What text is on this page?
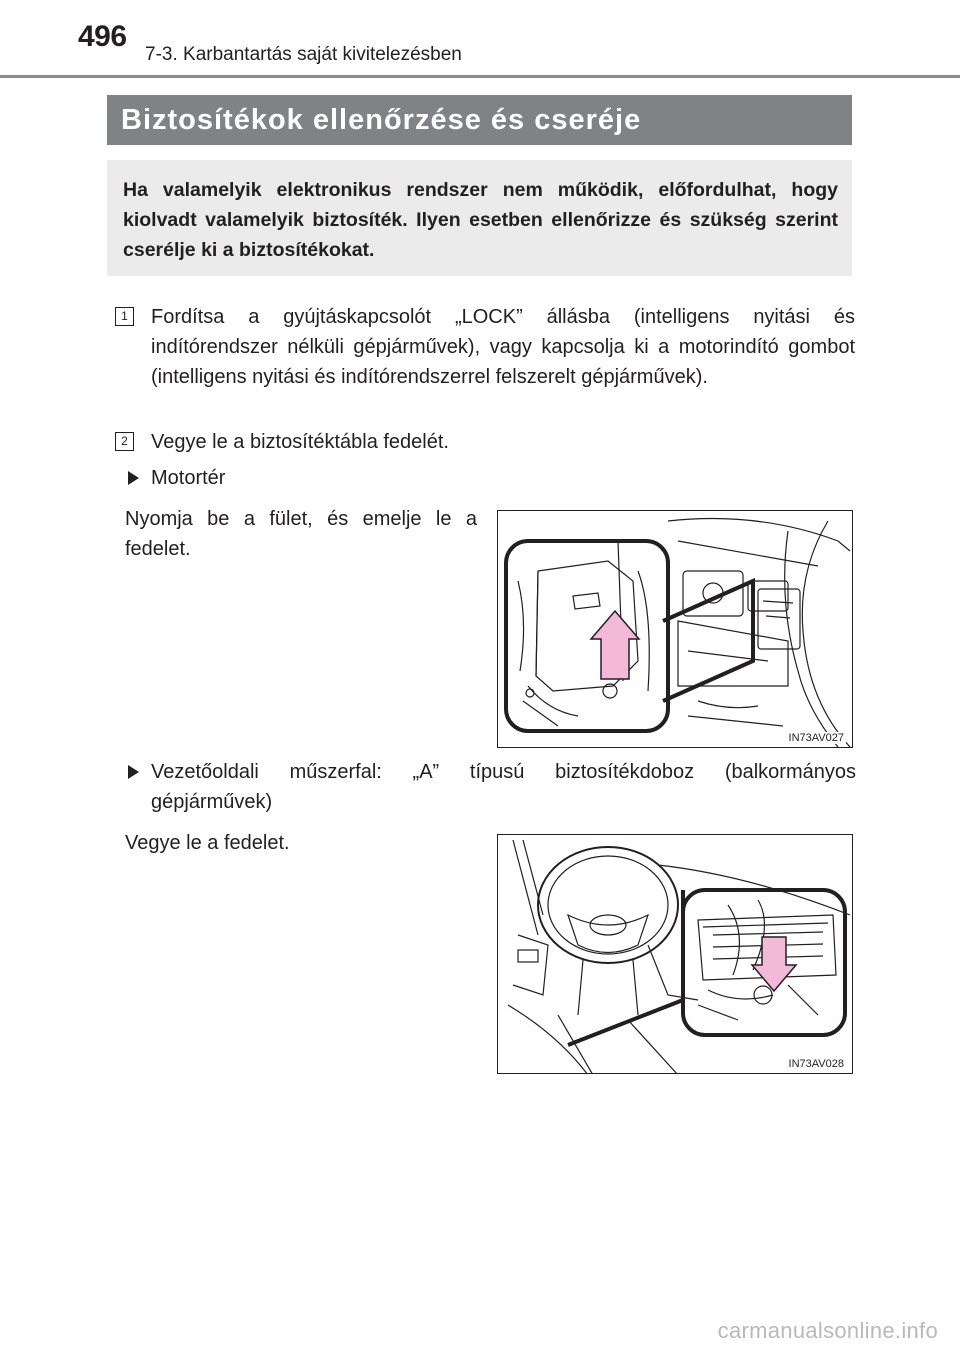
496
7-3. Karbantartás saját kivitelezésben
Biztosítékok ellenőrzése és cseréje
Ha valamelyik elektronikus rendszer nem működik, előfordulhat, hogy kiolvadt valamelyik biztosíték. Ilyen esetben ellenőrizze és szükség szerint cserélje ki a biztosítékokat.
1	Fordítsa a gyújtáskapcsolót „LOCK” állásba (intelligens nyitási és indítórendszer nélküli gépjárművek), vagy kapcsolja ki a motorindító gombot (intelligens nyitási és indítórendszerrel felszerelt gépjárművek).
2	Vegye le a biztosítéktábla fedelét.
Motortér
Nyomja be a fület, és emelje le a fedelet.
IN73AV027
Vezetőoldali műszerfal: „A” típusú biztosítékdoboz (balkormányos gépjárművek)
Vegye le a fedelet.
IN73AV028
carmanualsonline.info
